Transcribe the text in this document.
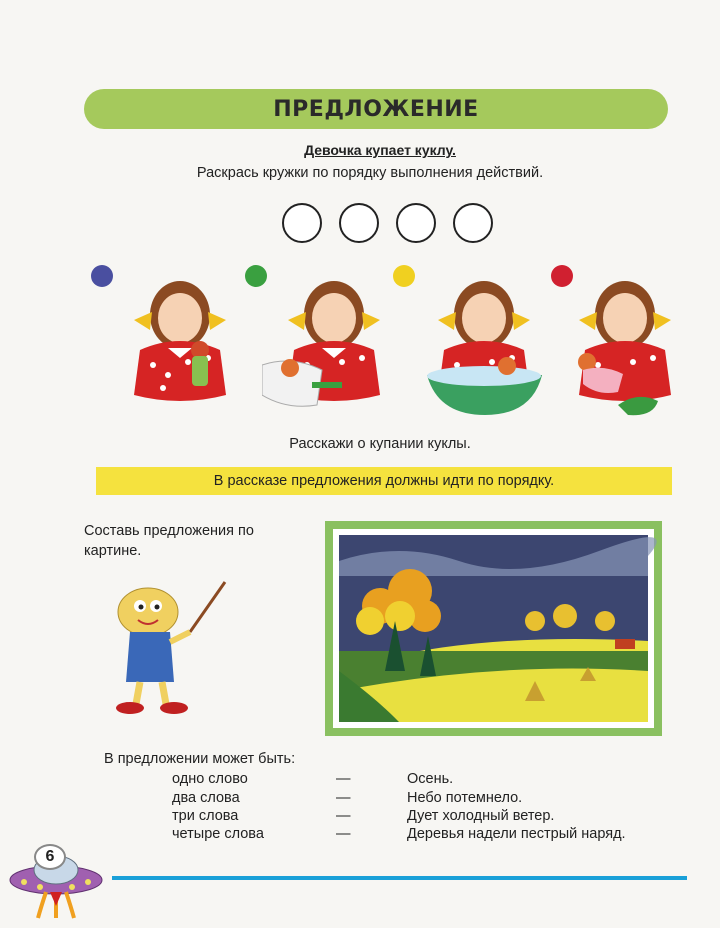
ПРЕДЛОЖЕНИЕ
Девочка купает куклу.
Раскрась кружки по порядку выполнения действий.
Расскажи о купании куклы.
В рассказе предложения должны идти по порядку.
Составь предложения по картине.
В предложении может быть:
одно слово	—	Осень.
два слова	—	Небо потемнело.
три слова	—	Дует холодный ветер.
четыре слова	—	Деревья надели пестрый наряд.
6
